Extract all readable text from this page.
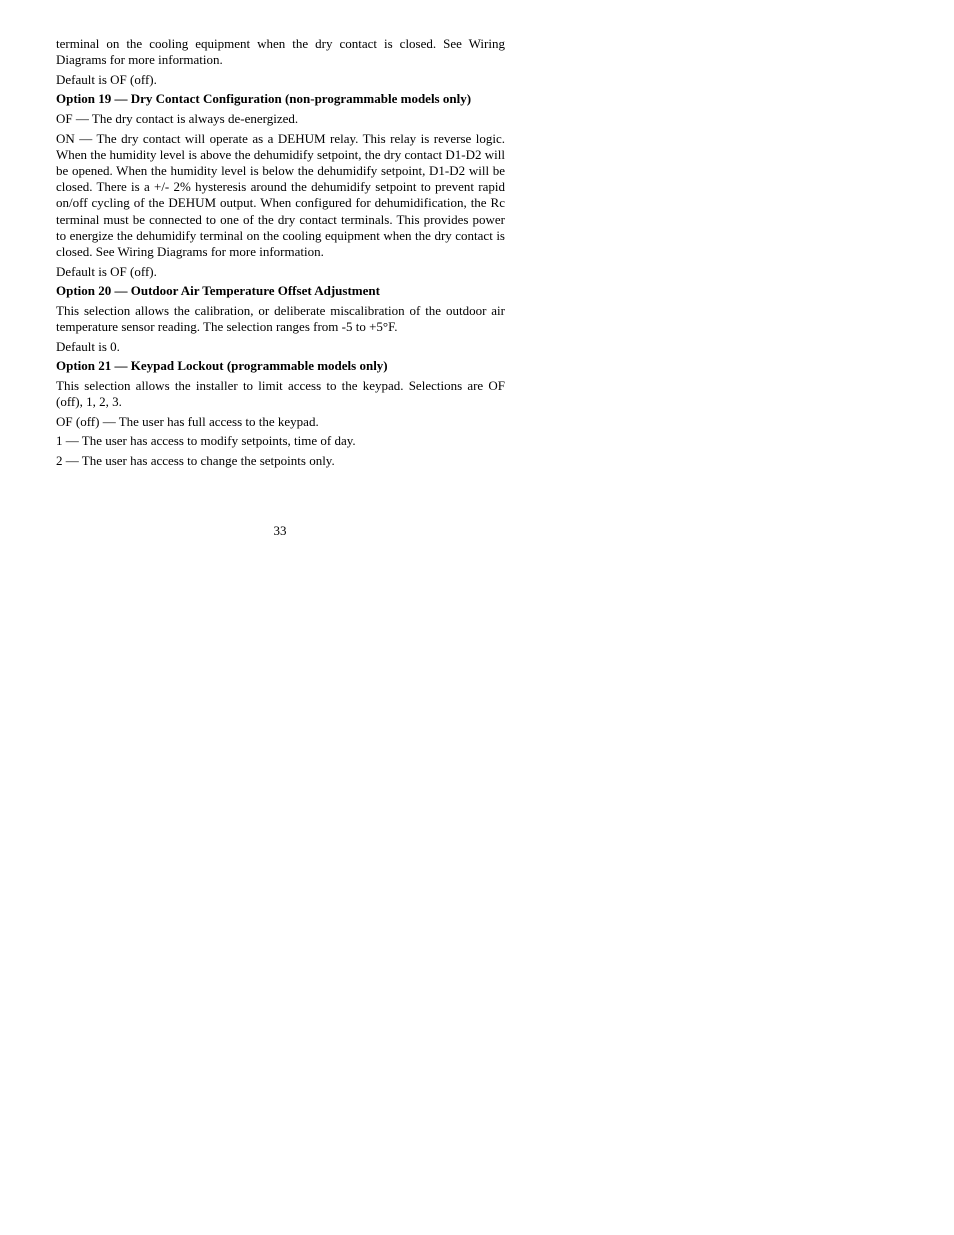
terminal on the cooling equipment when the dry contact is closed. See Wiring Diagrams for more information.

Default is OF (off).

Option 19 — Dry Contact Configuration (non-programmable models only)

OF — The dry contact is always de-energized.

ON — The dry contact will operate as a DEHUM relay. This relay is reverse logic. When the humidity level is above the dehumidify setpoint, the dry contact D1-D2 will be opened. When the humidity level is below the dehumidify setpoint, D1-D2 will be closed. There is a +/- 2% hysteresis around the dehumidify setpoint to prevent rapid on/off cycling of the DEHUM output. When configured for dehumidification, the Rc terminal must be connected to one of the dry contact terminals. This provides power to energize the dehumidify terminal on the cooling equipment when the dry contact is closed. See Wiring Diagrams for more information.

Default is OF (off).

Option 20 — Outdoor Air Temperature Offset Adjustment

This selection allows the calibration, or deliberate miscalibration of the outdoor air temperature sensor reading. The selection ranges from -5 to +5°F.

Default is 0.

Option 21 — Keypad Lockout (programmable models only)

This selection allows the installer to limit access to the keypad. Selections are OF (off), 1, 2, 3.

OF (off) — The user has full access to the keypad.

1 — The user has access to modify setpoints, time of day.

2 — The user has access to change the setpoints only.

33
